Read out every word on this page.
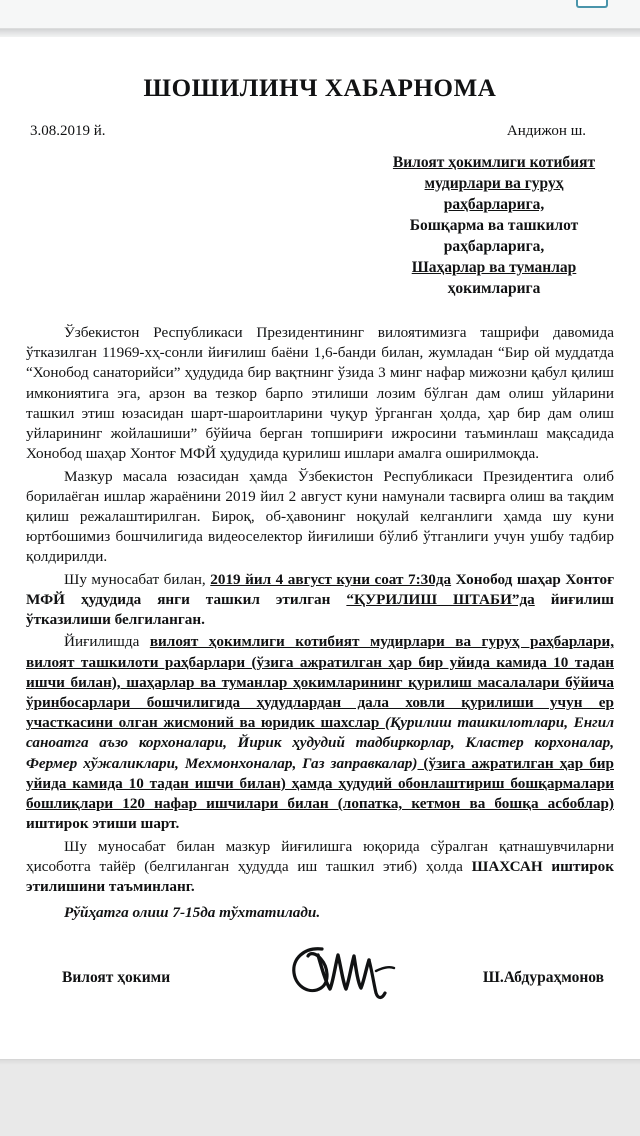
ШОШИЛИНЧ ХАБАРНОМА
3.08.2019 й.	Андижон ш.
Вилоят ҳокимлиги котибият
мудирлари ва гуруҳ
раҳбарларига,
Бошқарма ва ташкилот
раҳбарларига,
Шаҳарлар ва туманлар
ҳокимларига

Ўзбекистон Республикаси Президентининг вилоятимизга ташрифи давомида ўтказилган 11969-хҳ-сонли йиғилиш баёни 1,6-банди билан, жумладан “Бир ой муддатда “Хонобод санаторийси” ҳудудида бир вақтнинг ўзида 3 минг нафар мижозни қабул қилиш имкониятига эга, арзон ва тезкор барпо этилиши лозим бўлган дам олиш уйларини ташкил этиш юзасидан шарт-шароитларини чуқур ўрганган ҳолда, ҳар бир дам олиш уйларининг жойлашиши” бўйича берган топшириғи ижросини таъминлаш мақсадида Хонобод шаҳар Хонтоғ МФЙ ҳудудида қурилиш ишлари амалга оширилмоқда.

Мазкур масала юзасидан ҳамда Ўзбекистон Республикаси Президентига олиб борилаёган ишлар жараёнини 2019 йил 2 август куни намунали тасвирга олиш ва тақдим қилиш режалаштирилган. Бироқ, об-ҳавонинг ноқулай келганлиги ҳамда шу куни юртбошимиз бошчилигида видеоселектор йиғилиши бўлиб ўтганлиги учун ушбу тадбир қолдирилди.

Шу муносабат билан, 2019 йил 4 август куни соат 7:30да Хонобод шаҳар Хонтоғ МФЙ ҳудудида янги ташкил этилган “ҚУРИЛИШ ШТАБИ”да йиғилиш ўтказилиши белгиланган.

Йиғилишда вилоят ҳокимлиги котибият мудирлари ва гуруҳ раҳбарлари, вилоят ташкилоти раҳбарлари (ўзига ажратилган ҳар бир уйида камида 10 тадан ишчи билан), шаҳарлар ва туманлар ҳокимларининг қурилиш масалалари бўйича ўринбосарлари бошчилигида ҳудудлардан дала ховли қурилиши учун ер участкасини олган жисмоний ва юридик шахслар (Қурилиш ташкилотлари, Енгил саноатга аъзо корхоналари, Йирик ҳудудий тадбиркорлар, Кластер корхоналар, Фермер хўжаликлари, Мехмонхоналар, Газ заправкалар) (ўзига ажратилган ҳар бир уйида камида 10 тадан ишчи билан) ҳамда ҳудудий обонлаштириш бошқармалари бошлиқлари 120 нафар ишчилари билан (лопатка, кетмон ва бошқа асбоблар) иштирок этиши шарт.

Шу муносабат билан мазкур йиғилишга юқорида сўралган қатнашувчиларни ҳисоботга тайёр (белгиланган ҳудудда иш ташкил этиб) ҳолда ШАХСАН иштирок этилишини таъминланг.

Рўйҳатга олиш 7-15да тўхтатилади.
Вилоят ҳокими	Ш.Абдураҳмонов
